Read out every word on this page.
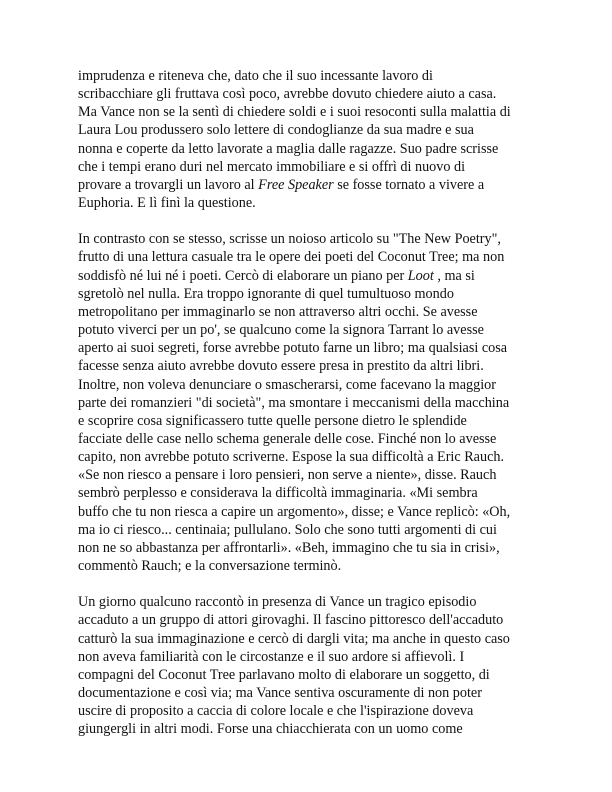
imprudenza e riteneva che, dato che il suo incessante lavoro di
scribacchiare gli fruttava così poco, avrebbe dovuto chiedere aiuto a casa.
Ma Vance non se la sentì di chiedere soldi e i suoi resoconti sulla malattia di
Laura Lou produssero solo lettere di condoglianze da sua madre e sua
nonna e coperte da letto lavorate a maglia dalle ragazze. Suo padre scrisse
che i tempi erano duri nel mercato immobiliare e si offrì di nuovo di
provare a trovargli un lavoro al Free Speaker se fosse tornato a vivere a
Euphoria. E lì finì la questione.

In contrasto con se stesso, scrisse un noioso articolo su "The New Poetry",
frutto di una lettura casuale tra le opere dei poeti del Coconut Tree; ma non
soddisfò né lui né i poeti. Cercò di elaborare un piano per Loot , ma si
sgretolò nel nulla. Era troppo ignorante di quel tumultuoso mondo
metropolitano per immaginarlo se non attraverso altri occhi. Se avesse
potuto viverci per un po', se qualcuno come la signora Tarrant lo avesse
aperto ai suoi segreti, forse avrebbe potuto farne un libro; ma qualsiasi cosa
facesse senza aiuto avrebbe dovuto essere presa in prestito da altri libri.
Inoltre, non voleva denunciare o smascherarsi, come facevano la maggior
parte dei romanzieri "di società", ma smontare i meccanismi della macchina
e scoprire cosa significassero tutte quelle persone dietro le splendide
facciate delle case nello schema generale delle cose. Finché non lo avesse
capito, non avrebbe potuto scriverne. Espose la sua difficoltà a Eric Rauch.
«Se non riesco a pensare i loro pensieri, non serve a niente», disse. Rauch
sembrò perplesso e considerava la difficoltà immaginaria. «Mi sembra
buffo che tu non riesca a capire un argomento», disse; e Vance replicò: «Oh,
ma io ci riesco... centinaia; pullulano. Solo che sono tutti argomenti di cui
non ne so abbastanza per affrontarli». «Beh, immagino che tu sia in crisi»,
commentò Rauch; e la conversazione terminò.

Un giorno qualcuno raccontò in presenza di Vance un tragico episodio
accaduto a un gruppo di attori girovaghi. Il fascino pittoresco dell'accaduto
catturò la sua immaginazione e cercò di dargli vita; ma anche in questo caso
non aveva familiarità con le circostanze e il suo ardore si affievolì. I
compagni del Coconut Tree parlavano molto di elaborare un soggetto, di
documentazione e così via; ma Vance sentiva oscuramente di non poter
uscire di proposito a caccia di colore locale e che l'ispirazione doveva
giungergli in altri modi. Forse una chiacchierata con un uomo come
